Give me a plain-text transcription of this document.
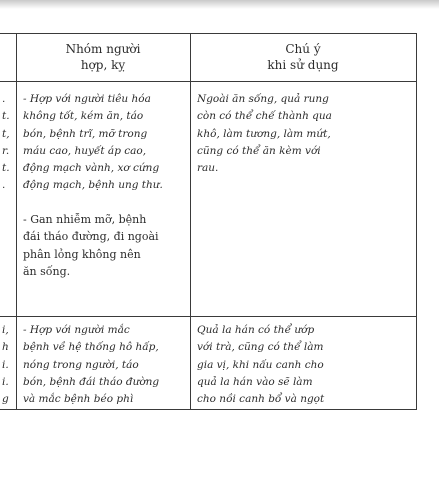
Nhóm người
hợp, kỵ
Chú ý
khi sử dụng
.
t.
t,
r.
t.
.
- Hợp với người tiêu hóa
không tốt, kém ăn, táo
bón, bệnh trĩ, mỡ trong
máu cao, huyết áp cao,
động mạch vành, xơ cứng
động mạch, bệnh ung thư.
- Gan nhiễm mỡ, bệnh
đái tháo đường, đi ngoài
phân lỏng không nên
ăn sống.
Ngoài ăn sống, quả rung
còn có thể chế thành qua
khô, làm tương, làm mứt,
cũng có thể ăn kèm với
rau.
i,
h
i.
i.
g
- Hợp với người mắc
bệnh về hệ thống hô hấp,
nóng trong người, táo
bón, bệnh đái tháo đường
và mắc bệnh béo phì
Quả la hán có thể ướp
với trà, cũng có thể làm
gia vị, khi nấu canh cho
quả la hán vào sẽ làm
cho nồi canh bổ và ngọt
